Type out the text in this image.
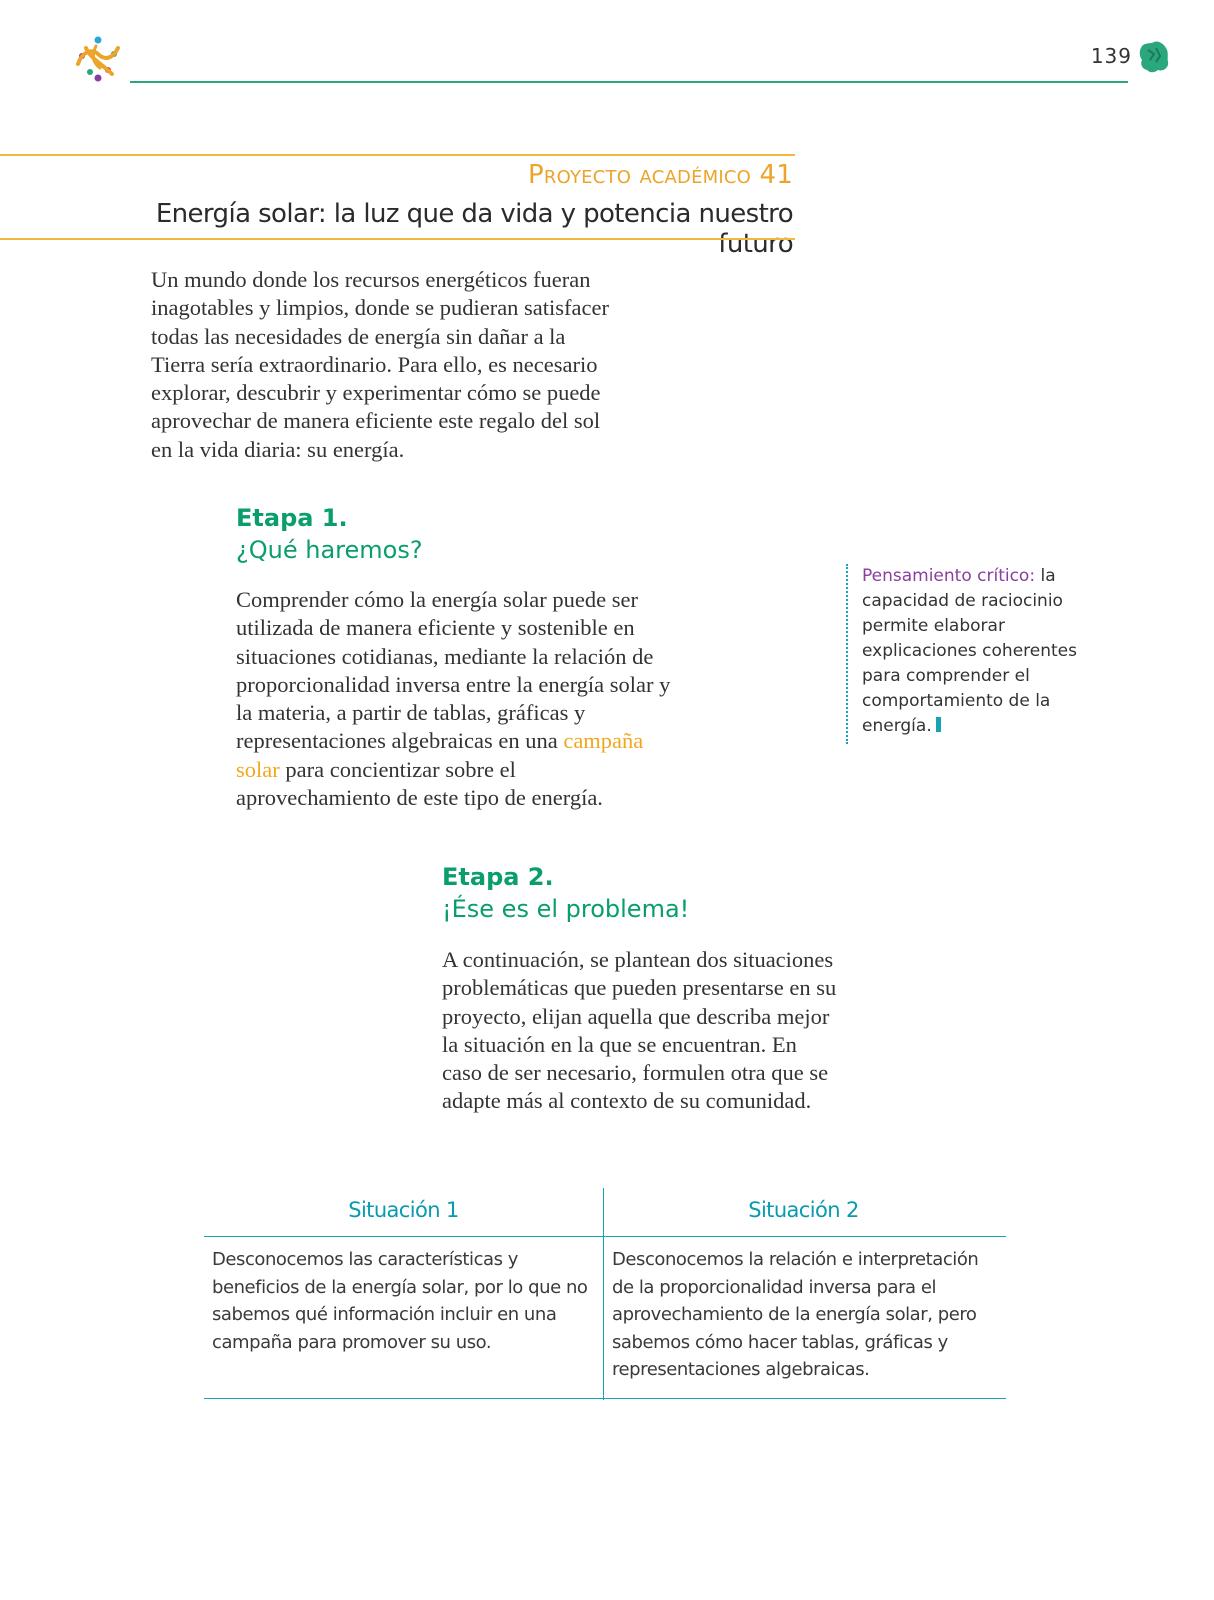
139
Proyecto académico 41
Energía solar: la luz que da vida y potencia nuestro futuro
Un mundo donde los recursos energéticos fueran inagotables y limpios, donde se pudieran satisfacer todas las necesidades de energía sin dañar a la Tierra sería extraordinario. Para ello, es necesario explorar, descubrir y experimentar cómo se puede aprovechar de manera eficiente este regalo del sol en la vida diaria: su energía.
Etapa 1.
¿Qué haremos?
Comprender cómo la energía solar puede ser utilizada de manera eficiente y sostenible en situaciones cotidianas, mediante la relación de proporcionalidad inversa entre la energía solar y la materia, a partir de tablas, gráficas y representaciones algebraicas en una campaña solar para concientizar sobre el aprovechamiento de este tipo de energía.
Pensamiento crítico: la capacidad de raciocinio permite elaborar explicaciones coherentes para comprender el comportamiento de la energía.
Etapa 2.
¡Ése es el problema!
A continuación, se plantean dos situaciones problemáticas que pueden presentarse en su proyecto, elijan aquella que describa mejor la situación en la que se encuentran. En caso de ser necesario, formulen otra que se adapte más al contexto de su comunidad.
Situación 1	Situación 2
Desconocemos las características y beneficios de la energía solar, por lo que no sabemos qué información incluir en una campaña para promover su uso.
Desconocemos la relación e interpretación de la proporcionalidad inversa para el aprovechamiento de la energía solar, pero sabemos cómo hacer tablas, gráficas y representaciones algebraicas.
